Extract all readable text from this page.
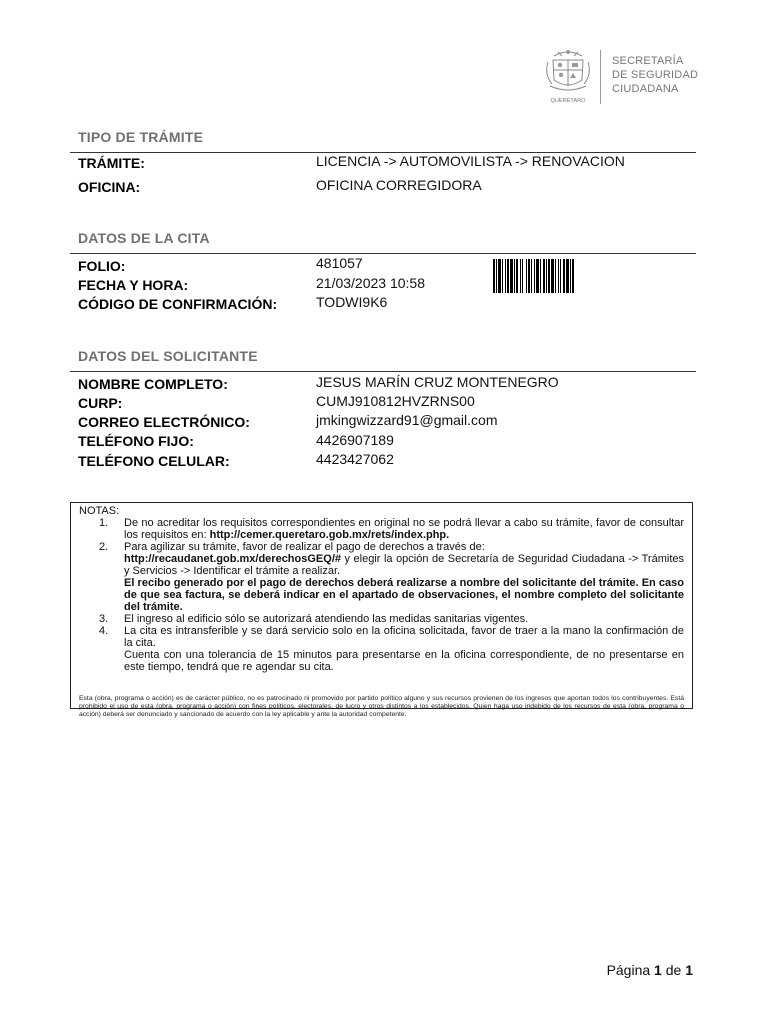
QUERÉTARO
SECRETARÍA
DE SEGURIDAD
CIUDADANA
TIPO DE TRÁMITE
TRÁMITE:	LICENCIA -> AUTOMOVILISTA -> RENOVACION
OFICINA:	OFICINA CORREGIDORA
DATOS DE LA CITA
FOLIO:	481057
FECHA Y HORA:	21/03/2023 10:58
CÓDIGO DE CONFIRMACIÓN:	TODWI9K6
DATOS DEL SOLICITANTE
NOMBRE COMPLETO:	JESUS MARÍN CRUZ MONTENEGRO
CURP:	CUMJ910812HVZRNS00
CORREO ELECTRÓNICO:	jmkingwizzard91@gmail.com
TELÉFONO FIJO:	4426907189
TELÉFONO CELULAR:	4423427062
NOTAS:
1. De no acreditar los requisitos correspondientes en original no se podrá llevar a cabo su trámite, favor de consultar los requisitos en: http://cemer.queretaro.gob.mx/rets/index.php.
2. Para agilizar su trámite, favor de realizar el pago de derechos a través de:
http://recaudanet.gob.mx/derechosGEQ/# y elegir la opción de Secretaría de Seguridad Ciudadana -> Trámites y Servicios -> Identificar el trámite a realizar.
El recibo generado por el pago de derechos deberá realizarse a nombre del solicitante del trámite. En caso de que sea factura, se deberá indicar en el apartado de observaciones, el nombre completo del solicitante del trámite.
3. El ingreso al edificio sólo se autorizará atendiendo las medidas sanitarias vigentes.
4. La cita es intransferible y se dará servicio solo en la oficina solicitada, favor de traer a la mano la confirmación de la cita.
Cuenta con una tolerancia de 15 minutos para presentarse en la oficina correspondiente, de no presentarse en este tiempo, tendrá que re agendar su cita.
Esta (obra, programa o acción) es de carácter público, no es patrocinado ni promovido por partido político alguno y sus recursos provienen de los ingresos que aportan todos los contribuyentes. Está prohibido el uso de esta (obra, programa o acción) con fines políticos, electorales, de lucro y otros distintos a los establecidos. Quien haga uso indebido de los recursos de esta (obra, programa o acción) deberá ser denunciado y sancionado de acuerdo con la ley aplicable y ante la autoridad competente.
Página 1 de 1
